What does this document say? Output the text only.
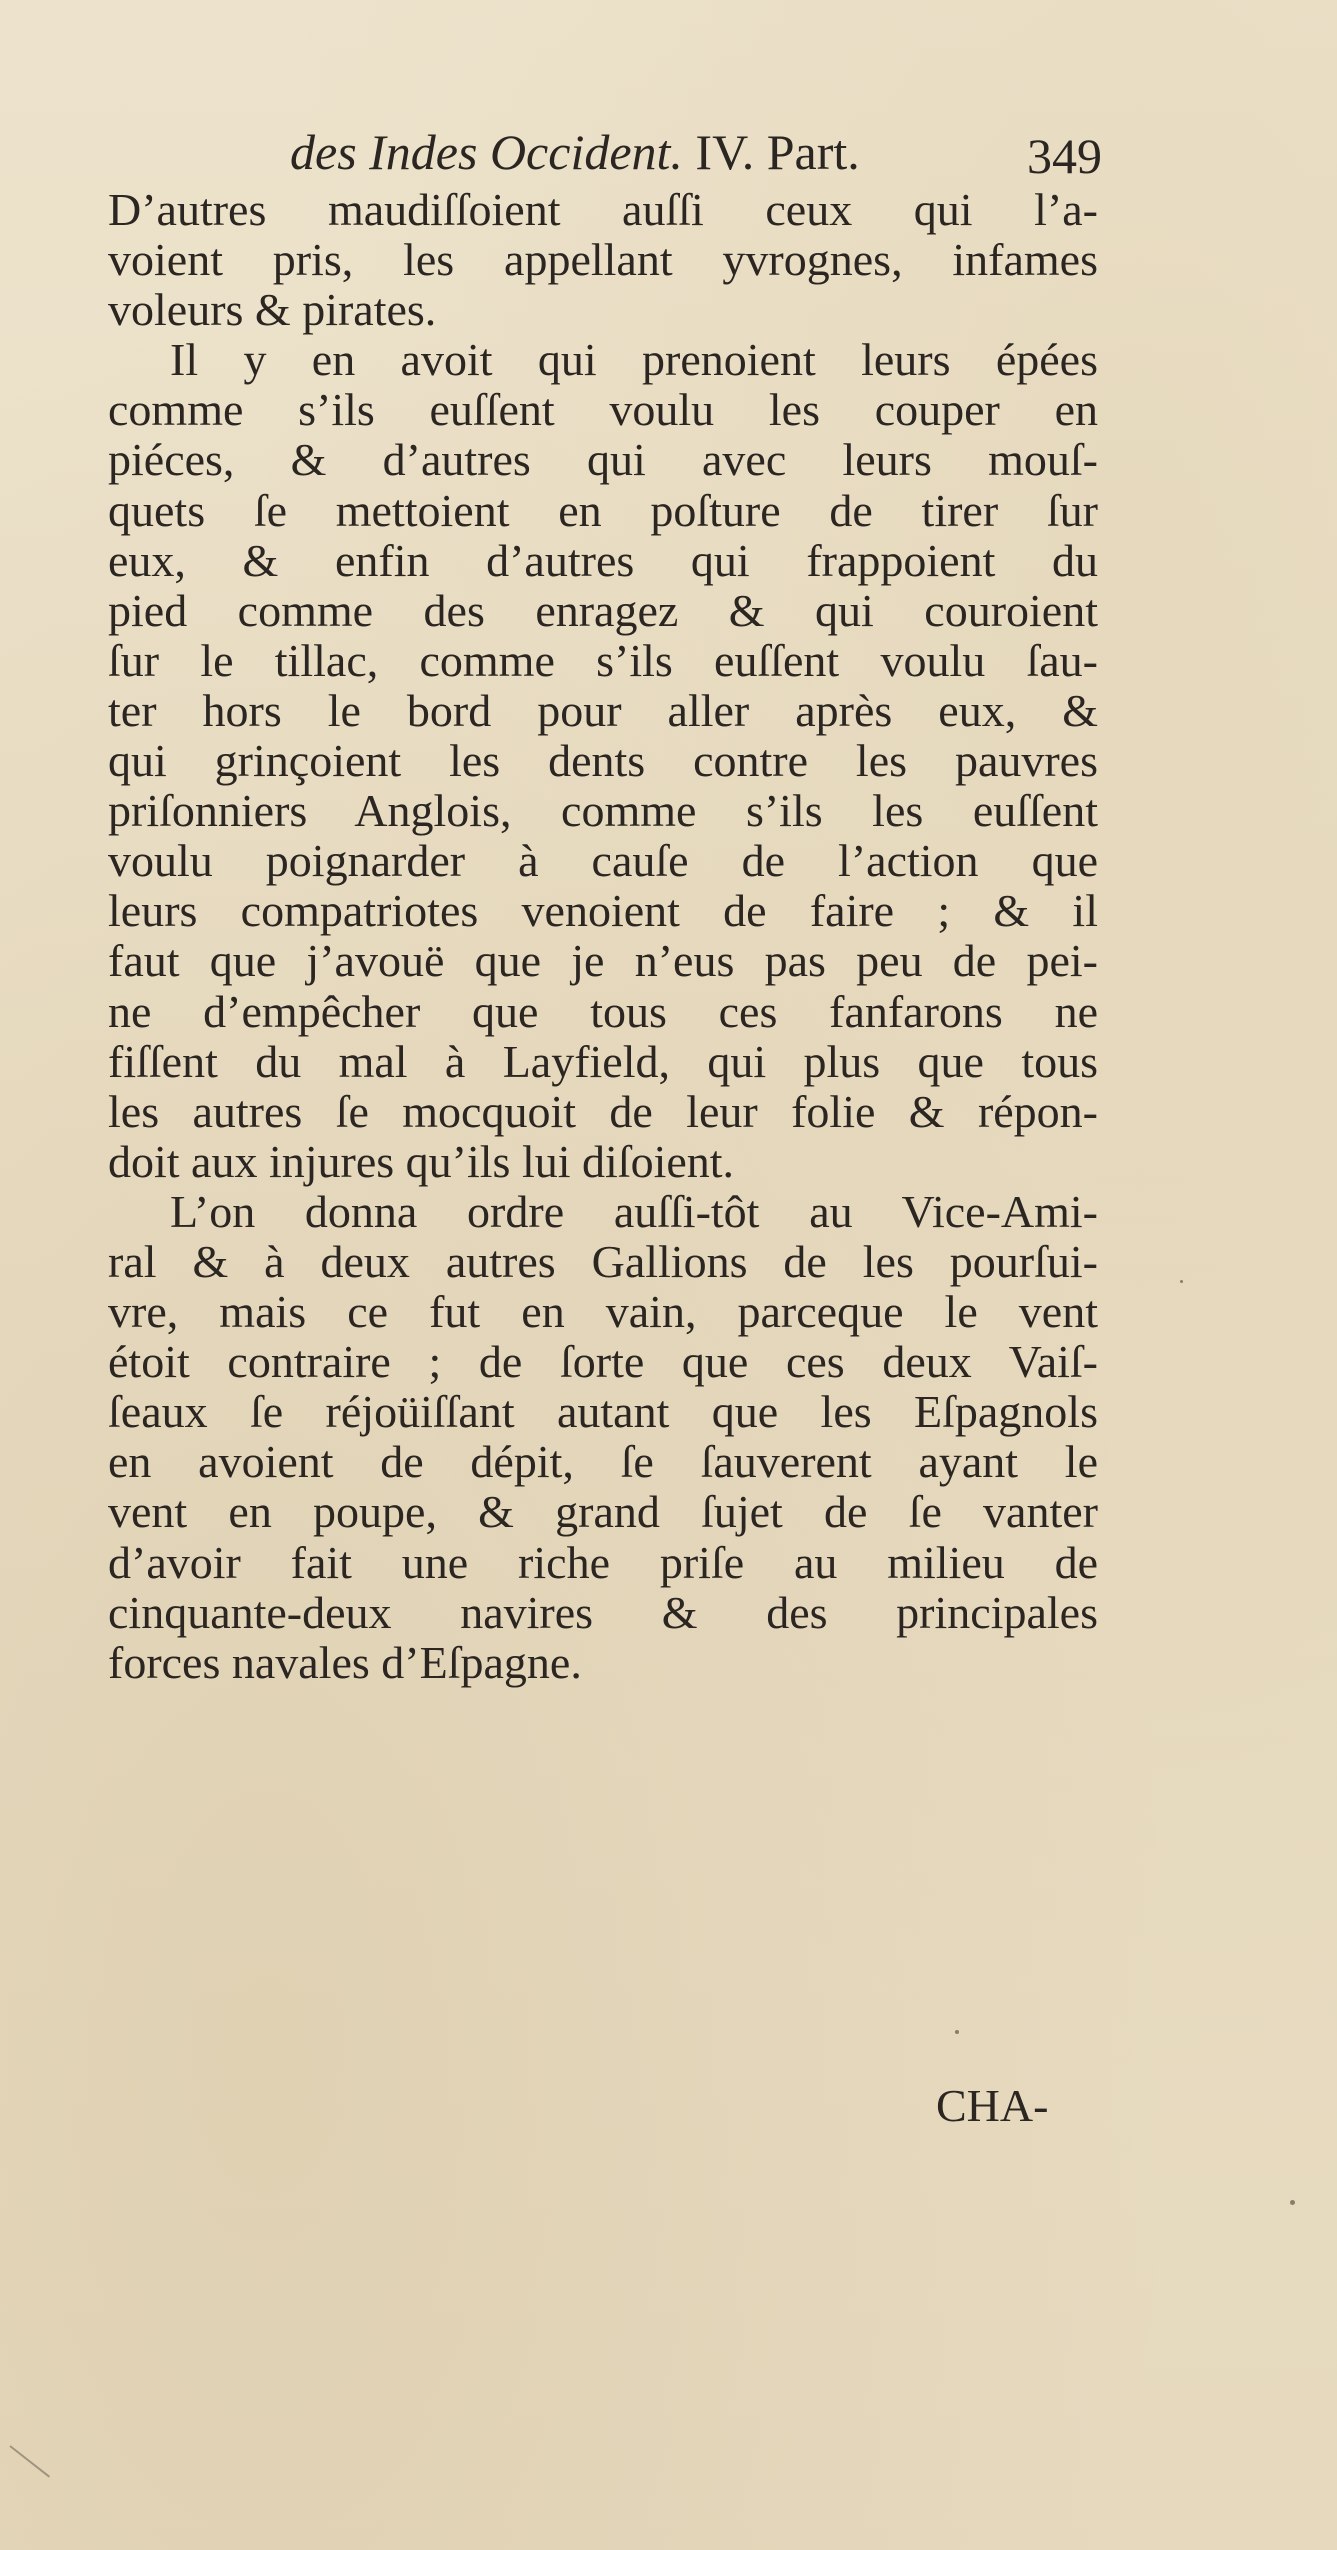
des Indes Occident. IV. Part.	349
D’autres maudiſſoient auſſi ceux qui l’a-
voient pris, les appellant yvrognes, infames
voleurs & pirates.
Il y en avoit qui prenoient leurs épées
comme s’ils euſſent voulu les couper en
piéces, & d’autres qui avec leurs mouſ-
quets ſe mettoient en poſture de tirer ſur
eux, & enfin d’autres qui frappoient du
pied comme des enragez & qui couroient
ſur le tillac, comme s’ils euſſent voulu ſau-
ter hors le bord pour aller après eux, &
qui grinçoient les dents contre les pauvres
priſonniers Anglois, comme s’ils les euſſent
voulu poignarder à cauſe de l’action que
leurs compatriotes venoient de faire ; & il
faut que j’avouë que je n’eus pas peu de pei-
ne d’empêcher que tous ces fanfarons ne
fiſſent du mal à Layfield, qui plus que tous
les autres ſe mocquoit de leur folie & répon-
doit aux injures qu’ils lui diſoient.
L’on donna ordre auſſi-tôt au Vice-Ami-
ral & à deux autres Gallions de les pourſui-
vre, mais ce fut en vain, parceque le vent
étoit contraire ; de ſorte que ces deux Vaiſ-
ſeaux ſe réjoüiſſant autant que les Eſpagnols
en avoient de dépit, ſe ſauverent ayant le
vent en poupe, & grand ſujet de ſe vanter
d’avoir fait une riche priſe au milieu de
cinquante-deux navires & des principales
forces navales d’Eſpagne.
CHA-
